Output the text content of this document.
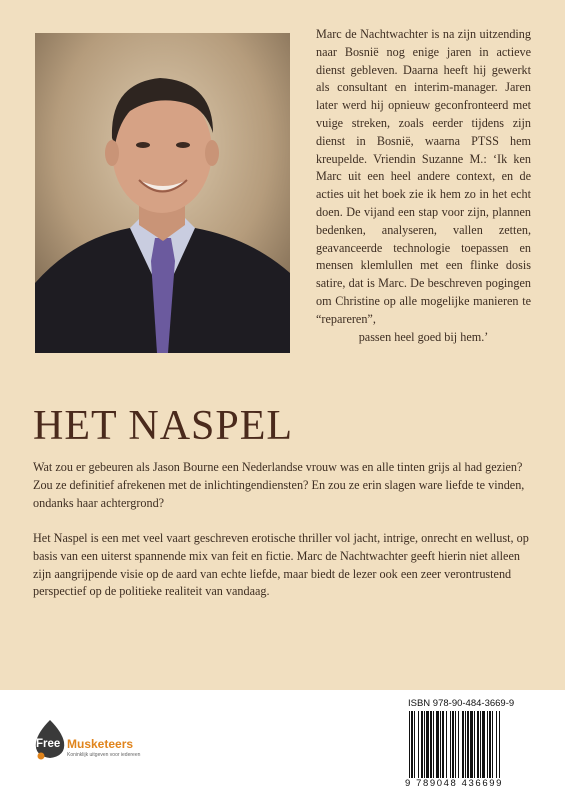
Marc de Nachtwachter is na zijn uitzending naar Bosnië nog enige jaren in actieve dienst gebleven. Daarna heeft hij gewerkt als consultant en interim-manager. Jaren later werd hij opnieuw geconfronteerd met vuige streken, zoals eerder tijdens zijn dienst in Bosnië, waarna PTSS hem kreupelde. Vriendin Suzanne M.: ‘Ik ken Marc uit een heel andere context, en de acties uit het boek zie ik hem zo in het echt doen. De vijand een stap voor zijn, plannen bedenken, analyseren, vallen zetten, geavanceerde technologie toepassen en mensen klemlullen met een flinke dosis satire, dat is Marc. De beschreven pogingen om Christine op alle mogelijke manieren te “repareren”,
passen heel goed bij hem.’
HET NASPEL

Wat zou er gebeuren als Jason Bourne een Nederlandse vrouw was en alle tinten grijs al had gezien? Zou ze definitief afrekenen met de inlichtingendiensten? En zou ze erin slagen ware liefde te vinden, ondanks haar achtergrond?

Het Naspel is een met veel vaart geschreven erotische thriller vol jacht, intrige, onrecht en wellust, op basis van een uiterst spannende mix van feit en fictie. Marc de Nachtwachter geeft hierin niet alleen zijn aangrijpende visie op de aard van echte liefde, maar biedt de lezer ook een zeer verontrustend perspectief op de politieke realiteit van vandaag.

Free Musketeers
Koninklijk uitgeven voor iedereen
ISBN 978-90-484-3669-9
9 789048 436699
